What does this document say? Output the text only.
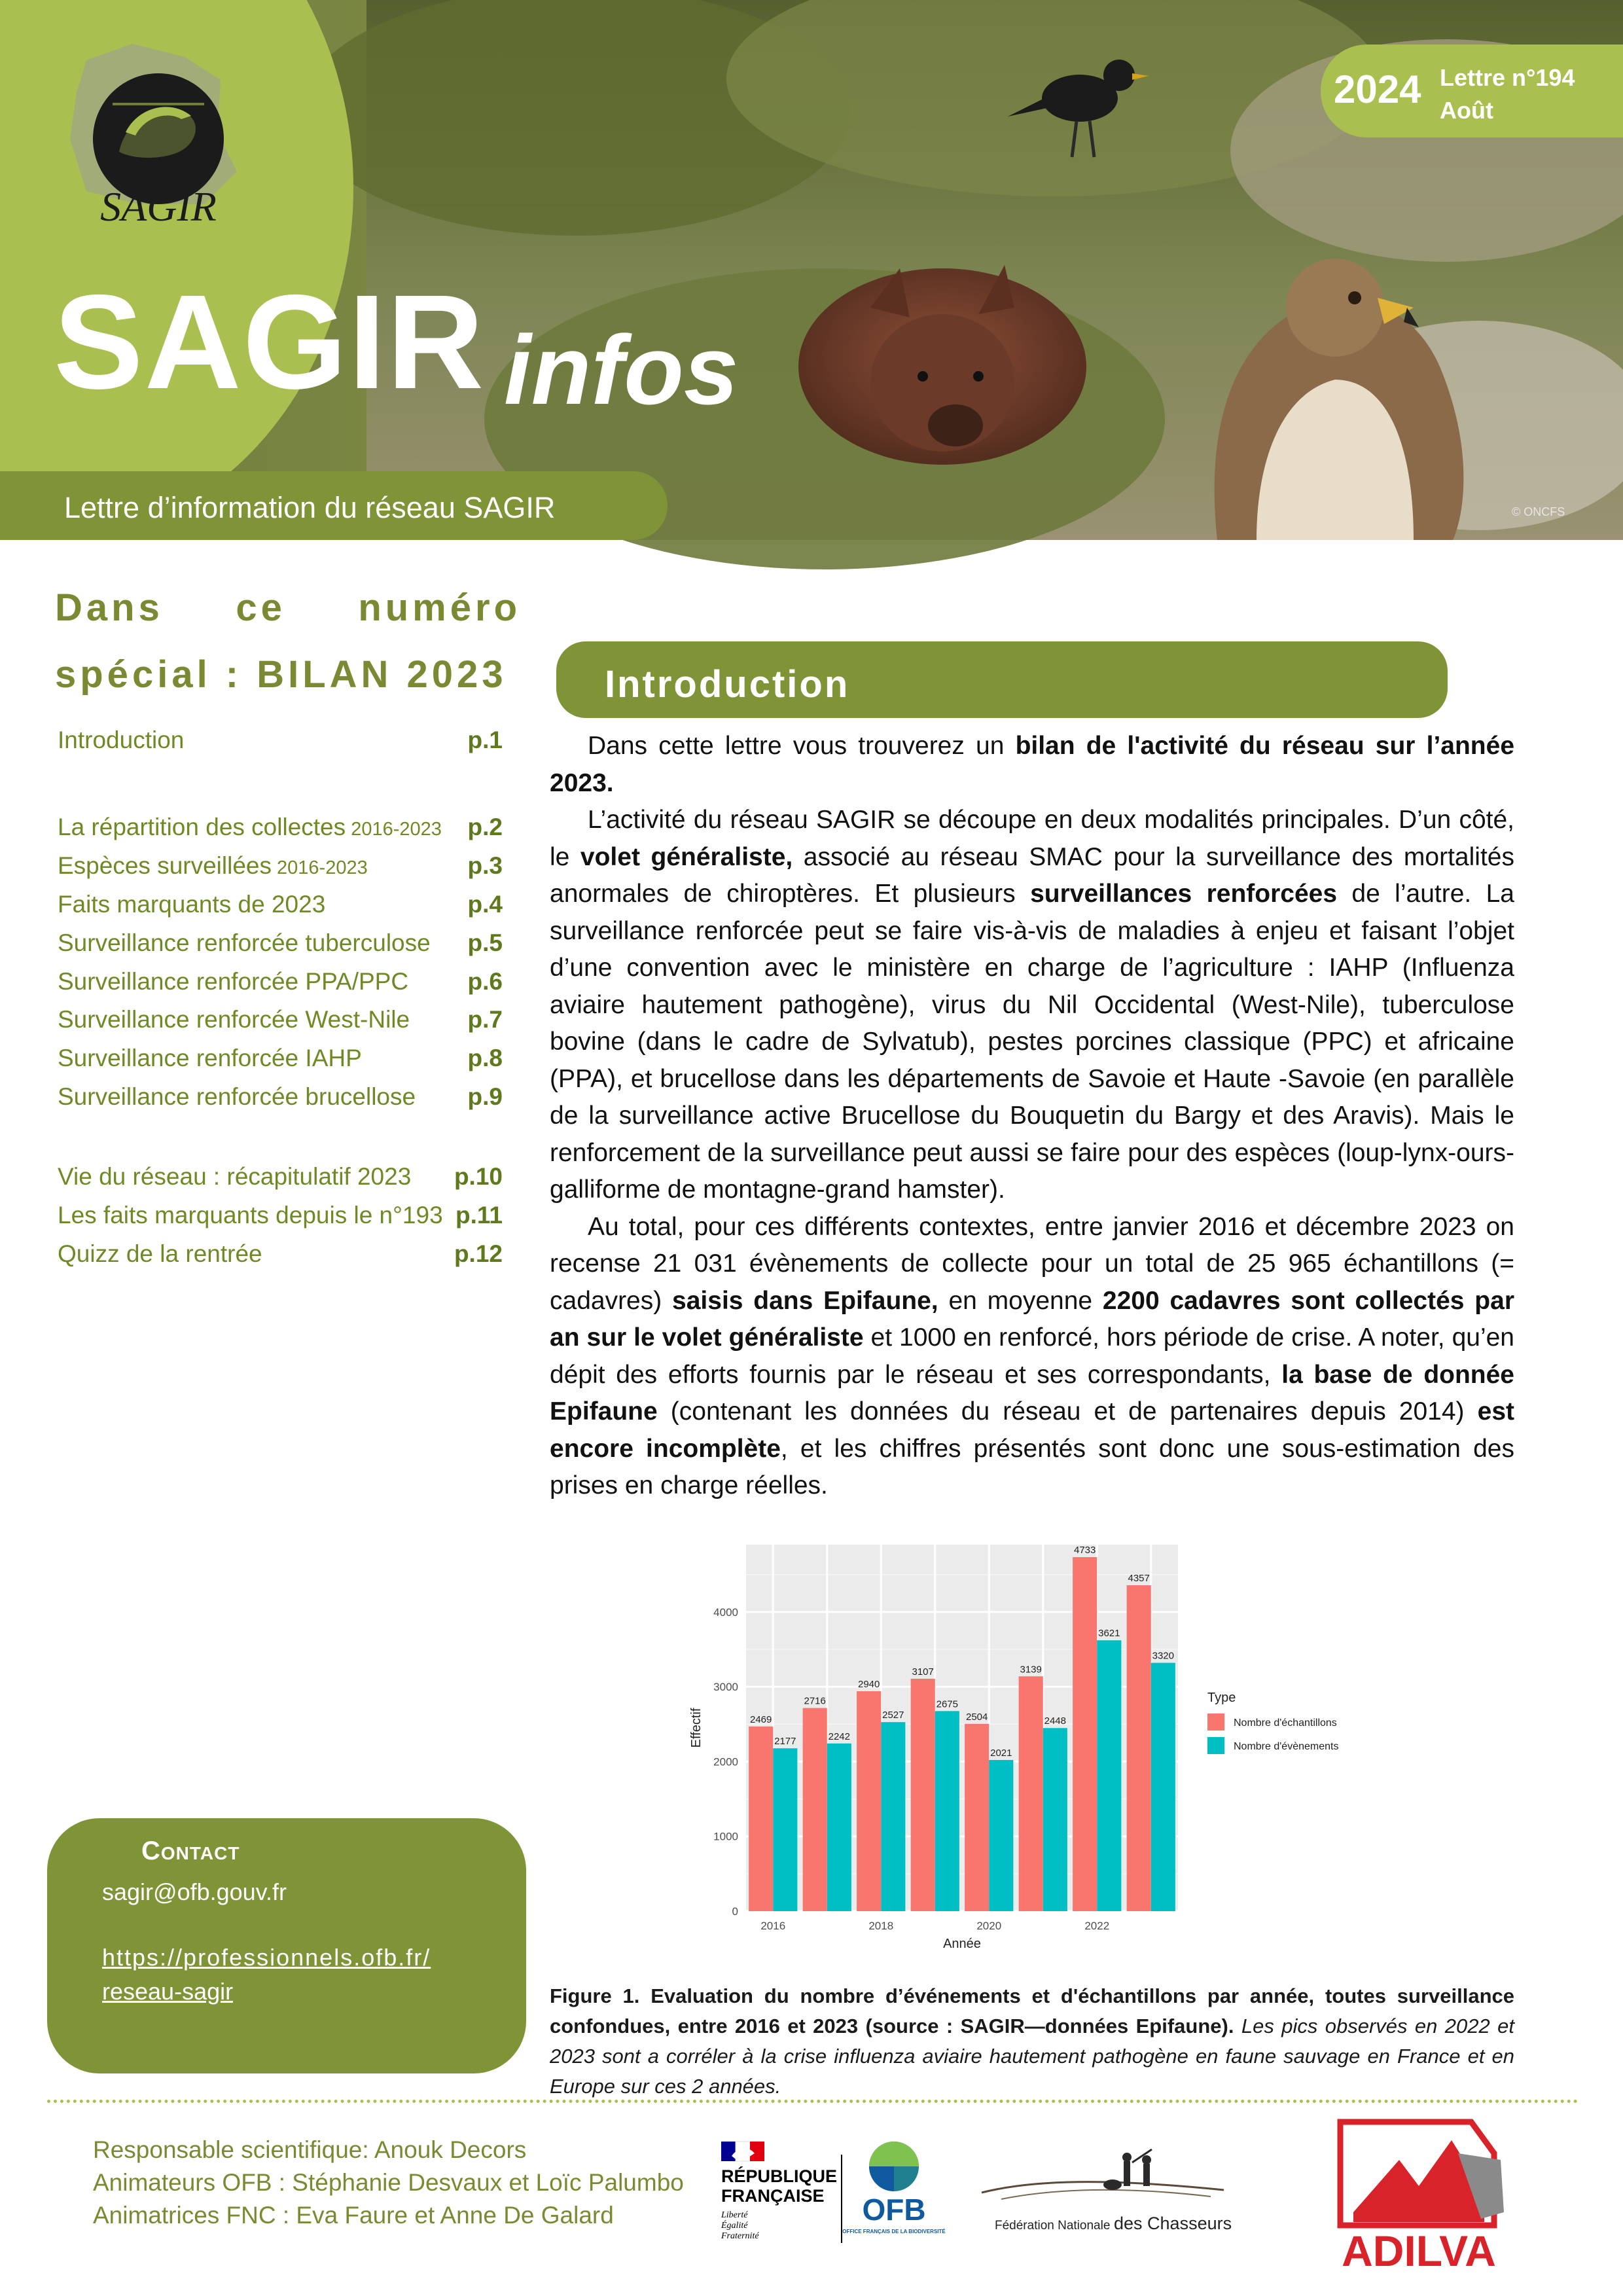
SAGIR
SAGIR infos
Lettre d’information du réseau SAGIR
2024 Lettre n°194
Août
© ONCFS
Dans ce numéro
spécial : BILAN 2023
Introduction	p.1
La répartition des collectes 2016-2023 p.2
Espèces surveillées 2016-2023	p.3
Faits marquants de 2023	p.4
Surveillance renforcée tuberculose p.5
Surveillance renforcée PPA/PPC p.6
Surveillance renforcée West-Nile p.7
Surveillance renforcée IAHP	p.8
Surveillance renforcée brucellose p.9
Vie du réseau : récapitulatif 2023 p.10
Les faits marquants depuis le n°193 p.11
Quizz de la rentrée	p.12
Introduction

Dans cette lettre vous trouverez un bilan de l'activité du réseau sur l’année 2023.

L’activité du réseau SAGIR se découpe en deux modalités principales. D’un côté, le volet généraliste, associé au réseau SMAC pour la surveillance des mortalités anormales de chiroptères. Et plusieurs surveillances renforcées de l’autre. La surveillance renforcée peut se faire vis-à-vis de maladies à enjeu et faisant l’objet d’une convention avec le ministère en charge de l’agriculture : IAHP (Influenza aviaire hautement pathogène), virus du Nil Occidental (West-Nile), tuberculose bovine (dans le cadre de Sylvatub), pestes porcines classique (PPC) et africaine (PPA), et brucellose dans les départements de Savoie et Haute -Savoie (en parallèle de la surveillance active Brucellose du Bouquetin du Bargy et des Aravis). Mais le renforcement de la surveillance peut aussi se faire pour des espèces (loup-lynx-ours-galliforme de montagne-grand hamster).

Au total, pour ces différents contextes, entre janvier 2016 et décembre 2023 on recense 21 031 évènements de collecte pour un total de 25 965 échantillons (= cadavres) saisis dans Epifaune, en moyenne 2200 cadavres sont collectés par an sur le volet généraliste et 1000 en renforcé, hors période de crise. A noter, qu’en dépit des efforts fournis par le réseau et ses correspondants, la base de donnée Epifaune (contenant les données du réseau et de partenaires depuis 2014) est encore incomplète, et les chiffres présentés sont donc une sous-estimation des prises en charge réelles.

0
1000
2000
3000
4000
2469
2716
2940
3107
2504
3139
4733
4357
2177	2242
2527
2675
2021
2448
3621
3320
2016	2018	2020	2022
Année
Effectif
Type
Nombre d'échantillons
Nombre d'évènements
Figure 1. Evaluation du nombre d’événements et d'échantillons par année, toutes surveillance confondues, entre 2016 et 2023 (source : SAGIR—données Epifaune). Les pics observés en 2022 et 2023 sont a corréler à la crise influenza aviaire hautement pathogène en faune sauvage en France et en Europe sur ces 2 années.
Contact
sagir@ofb.gouv.fr
https://professionnels.ofb.fr/
reseau-sagir
Responsable scientifique: Anouk Decors
Animateurs OFB : Stéphanie Desvaux et Loïc Palumbo
Animatrices FNC : Eva Faure et Anne De Galard
RÉPUBLIQUE
FRANÇAISE
Liberté
Égalité
Fraternité
OFB
OFFICE FRANÇAIS DE LA BIODIVERSITÉ	Fédération Nationale des Chasseurs
ADILVA
